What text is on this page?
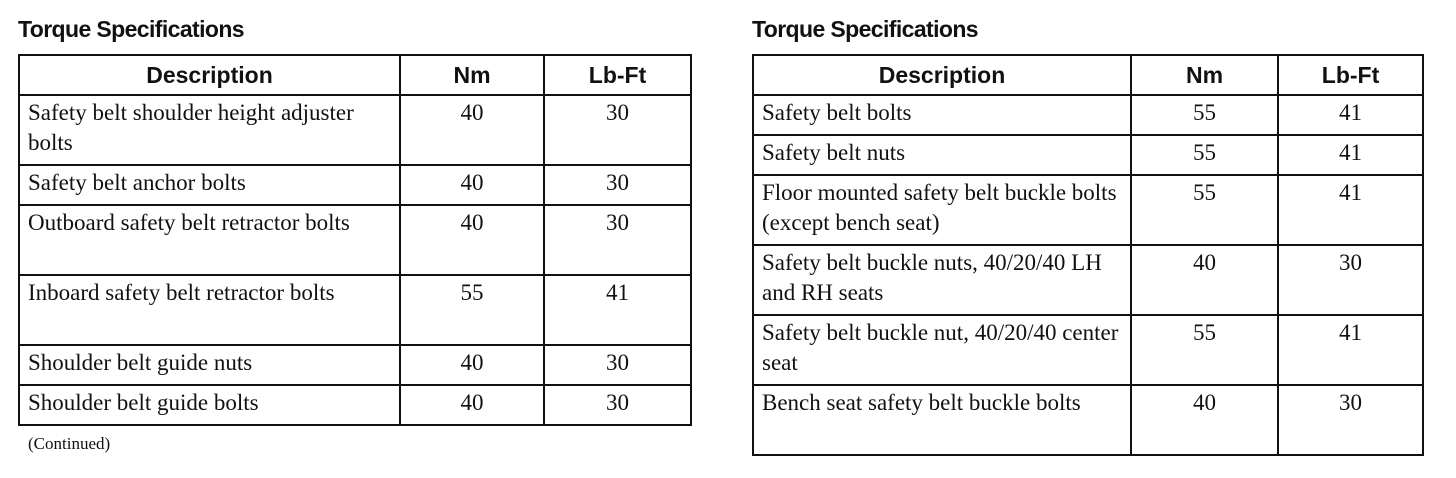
Torque Specifications
Description	Nm	Lb-Ft
Safety belt shoulder height adjuster bolts	40	30
Safety belt anchor bolts	40	30
Outboard safety belt retractor bolts	40	30
Inboard safety belt retractor bolts	55	41
Shoulder belt guide nuts	40	30
Shoulder belt guide bolts	40	30
(Continued)
Torque Specifications
Description	Nm	Lb-Ft
Safety belt bolts	55	41
Safety belt nuts	55	41
Floor mounted safety belt buckle bolts (except bench seat)	55	41
Safety belt buckle nuts, 40/20/40 LH and RH seats	40	30
Safety belt buckle nut, 40/20/40 center seat	55	41
Bench seat safety belt buckle bolts	40	30
